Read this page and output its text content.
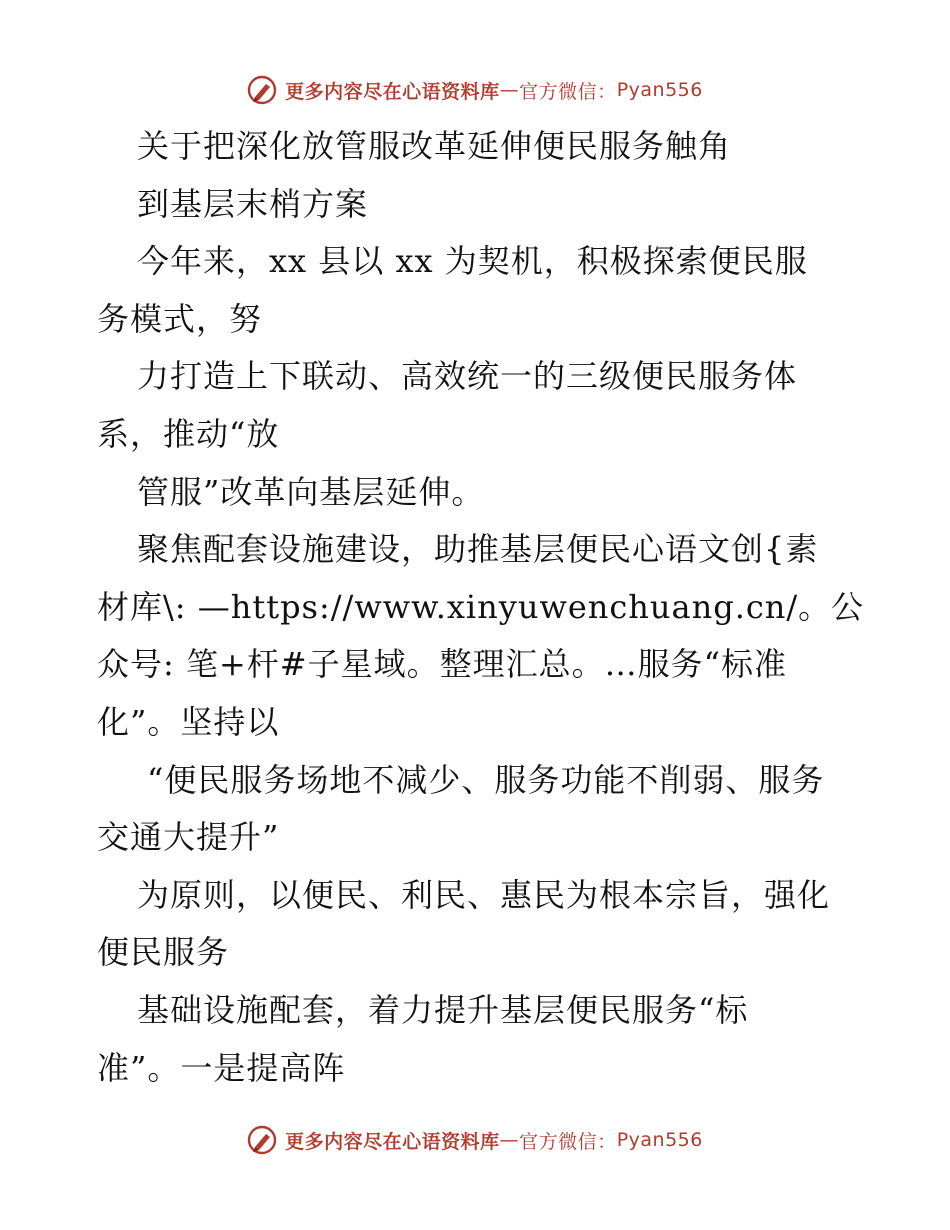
更多内容尽在心语资料库 — 官方微信： Pyan556
关于把深化放管服改革延伸便民服务触角
到基层末梢方案
今年来，xx 县以 xx 为契机，积极探索便民服
务模式，努
力打造上下联动、高效统一的三级便民服务体
系，推动“放
管服”改革向基层延伸。
聚焦配套设施建设，助推基层便民心语文创{素
材库\: —https://www.xinyuwenchuang.cn/。公
众号: 笔+杆#子星域。整理汇总。…服务“标准
化”。坚持以
“便民服务场地不减少、服务功能不削弱、服务
交通大提升”
为原则，以便民、利民、惠民为根本宗旨，强化
便民服务
基础设施配套，着力提升基层便民服务“标
准”。一是提高阵
更多内容尽在心语资料库 — 官方微信： Pyan556
